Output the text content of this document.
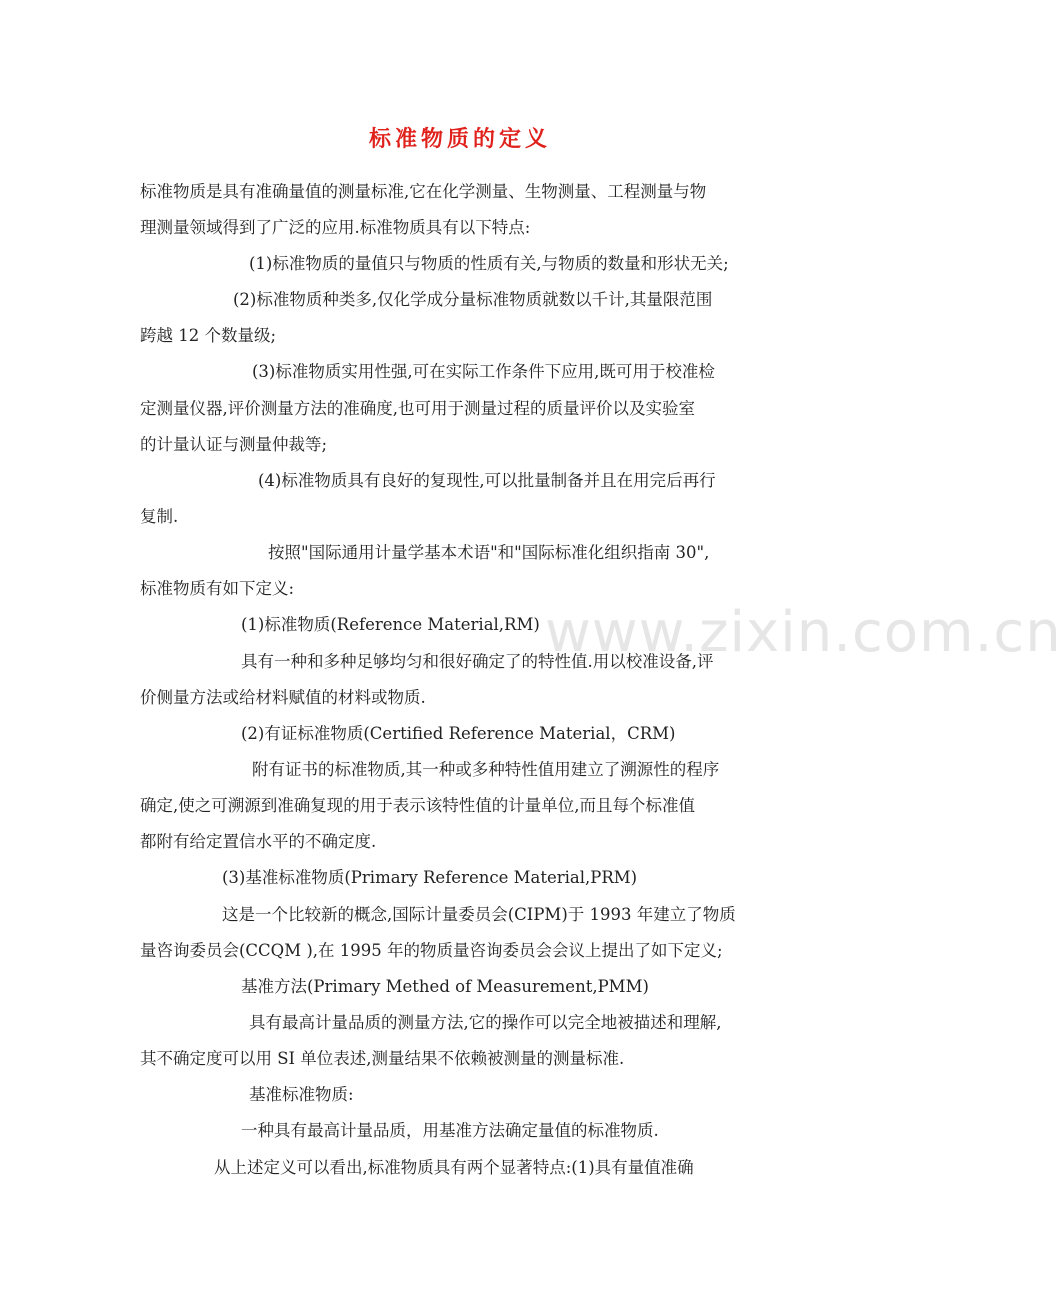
www.zixin.com.cn
标准物质的定义
标准物质是具有准确量值的测量标准,它在化学测量、生物测量、工程测量与物
理测量领域得到了广泛的应用.标准物质具有以下特点:
(1)标准物质的量值只与物质的性质有关,与物质的数量和形状无关;
(2)标准物质种类多,仅化学成分量标准物质就数以千计,其量限范围
跨越 12 个数量级;
(3)标准物质实用性强,可在实际工作条件下应用,既可用于校准检
定测量仪器,评价测量方法的准确度,也可用于测量过程的质量评价以及实验室
的计量认证与测量仲裁等;
(4)标准物质具有良好的复现性,可以批量制备并且在用完后再行
复制.
按照"国际通用计量学基本术语"和"国际标准化组织指南 30",
标准物质有如下定义:
(1)标准物质(Reference Material,RM)
具有一种和多种足够均匀和很好确定了的特性值.用以校准设备,评
价侧量方法或给材料赋值的材料或物质.
(2)有证标准物质(Certified Reference Material，CRM)
附有证书的标准物质,其一种或多种特性值用建立了溯源性的程序
确定,使之可溯源到准确复现的用于表示该特性值的计量单位,而且每个标准值
都附有给定置信水平的不确定度.
(3)基准标准物质(Primary Reference Material,PRM)
这是一个比较新的概念,国际计量委员会(CIPM)于 1993 年建立了物质
量咨询委员会(CCQM ),在 1995 年的物质量咨询委员会会议上提出了如下定义;
基准方法(Primary Methed of Measurement,PMM)
具有最高计量品质的测量方法,它的操作可以完全地被描述和理解,
其不确定度可以用 SI 单位表述,测量结果不依赖被测量的测量标准.
基准标准物质:
一种具有最高计量品质，用基准方法确定量值的标准物质.
从上述定义可以看出,标准物质具有两个显著特点:(1)具有量值准确
